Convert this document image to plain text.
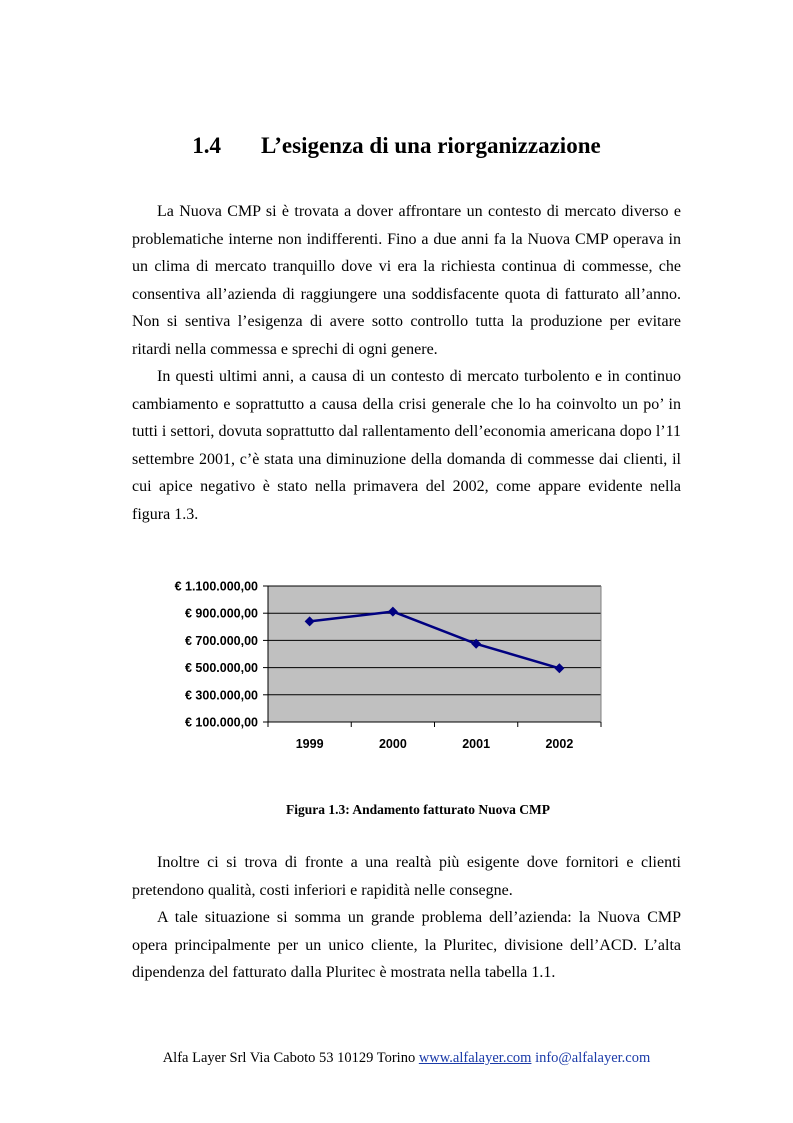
1.4 L’esigenza di una riorganizzazione

La Nuova CMP si è trovata a dover affrontare un contesto di mercato diverso e problematiche interne non indifferenti. Fino a due anni fa la Nuova CMP operava in un clima di mercato tranquillo dove vi era la richiesta continua di commesse, che consentiva all’azienda di raggiungere una soddisfacente quota di fatturato all’anno. Non si sentiva l’esigenza di avere sotto controllo tutta la produzione per evitare ritardi nella commessa e sprechi di ogni genere.

In questi ultimi anni, a causa di un contesto di mercato turbolento e in continuo cambiamento e soprattutto a causa della crisi generale che lo ha coinvolto un po’ in tutti i settori, dovuta soprattutto dal rallentamento dell’economia americana dopo l’11 settembre 2001, c’è stata una diminuzione della domanda di commesse dai clienti, il cui apice negativo è stato nella primavera del 2002, come appare evidente nella figura 1.3.

€ 100.000,00
€ 300.000,00
€ 500.000,00
€ 700.000,00
€ 900.000,00
€ 1.100.000,00
1999	2000	2001	2002
Figura 1.3: Andamento fatturato Nuova CMP

Inoltre ci si trova di fronte a una realtà più esigente dove fornitori e clienti pretendono qualità, costi inferiori e rapidità nelle consegne.

A tale situazione si somma un grande problema dell’azienda: la Nuova CMP opera principalmente per un unico cliente, la Pluritec, divisione dell’ACD. L’alta dipendenza del fatturato dalla Pluritec è mostrata nella tabella 1.1.

Alfa Layer Srl Via Caboto 53 10129 Torino www.alfalayer.com info@alfalayer.com
